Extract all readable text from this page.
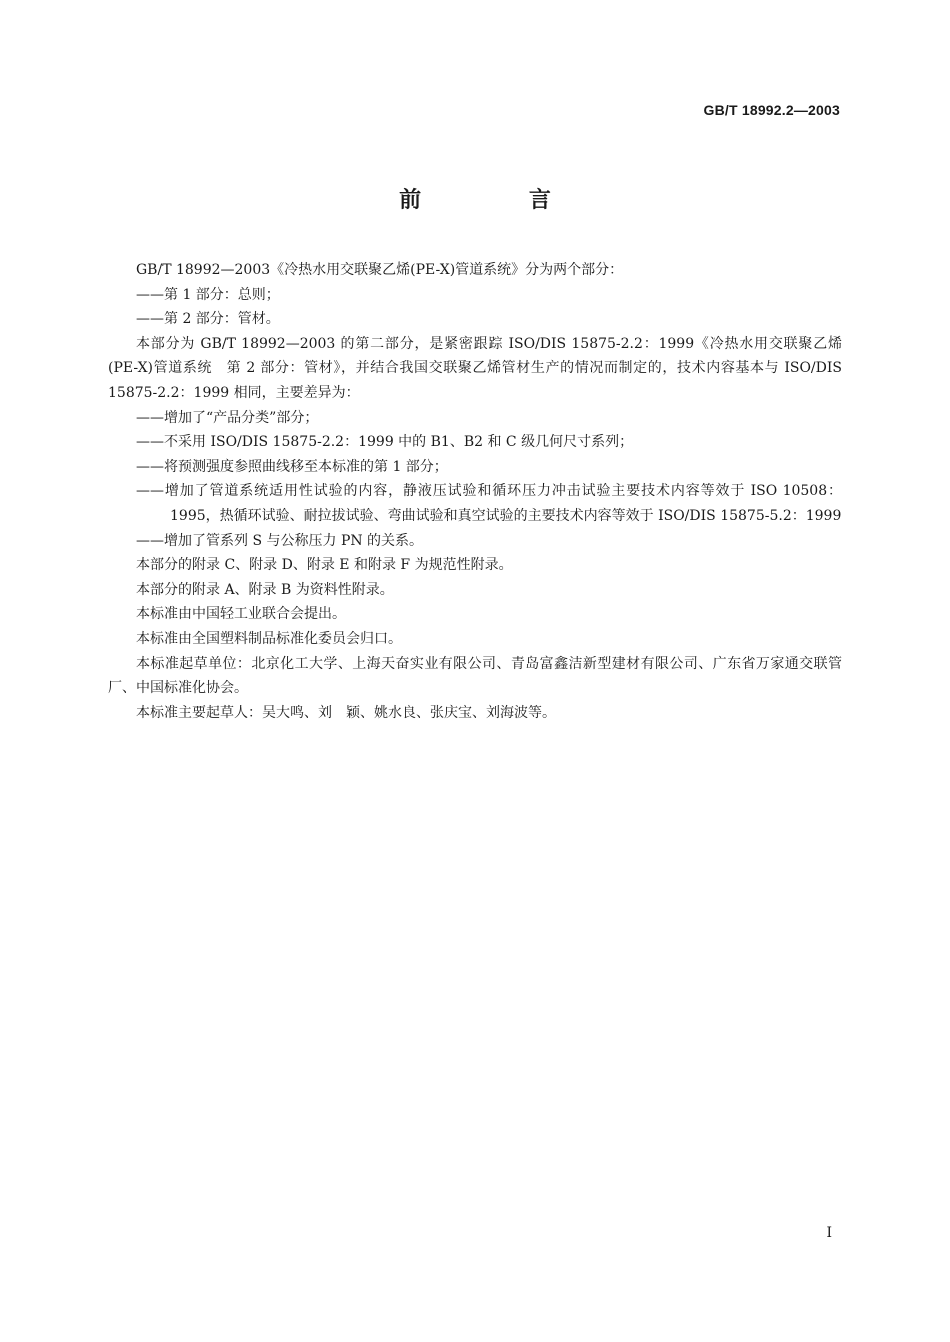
GB/T 18992.2—2003
前 言

GB/T 18992—2003《冷热水用交联聚乙烯(PE-X)管道系统》分为两个部分：

——第 1 部分：总则；

——第 2 部分：管材。

本部分为 GB/T 18992—2003 的第二部分，是紧密跟踪 ISO/DIS 15875-2.2：1999《冷热水用交联聚乙烯(PE-X)管道系统　第 2 部分：管材》，并结合我国交联聚乙烯管材生产的情况而制定的，技术内容基本与 ISO/DIS 15875-2.2：1999 相同，主要差异为：

——增加了“产品分类”部分；

——不采用 ISO/DIS 15875-2.2：1999 中的 B1、B2 和 C 级几何尺寸系列；

——将预测强度参照曲线移至本标准的第 1 部分；

——增加了管道系统适用性试验的内容，静液压试验和循环压力冲击试验主要技术内容等效于 ISO 10508：1995，热循环试验、耐拉拔试验、弯曲试验和真空试验的主要技术内容等效于 ISO/DIS 15875-5.2：1999

——增加了管系列 S 与公称压力 PN 的关系。

本部分的附录 C、附录 D、附录 E 和附录 F 为规范性附录。

本部分的附录 A、附录 B 为资料性附录。

本标准由中国轻工业联合会提出。

本标准由全国塑料制品标准化委员会归口。

本标准起草单位：北京化工大学、上海天奋实业有限公司、青岛富鑫洁新型建材有限公司、广东省万家通交联管厂、中国标准化协会。

本标准主要起草人：吴大鸣、刘　颖、姚水良、张庆宝、刘海波等。

I
